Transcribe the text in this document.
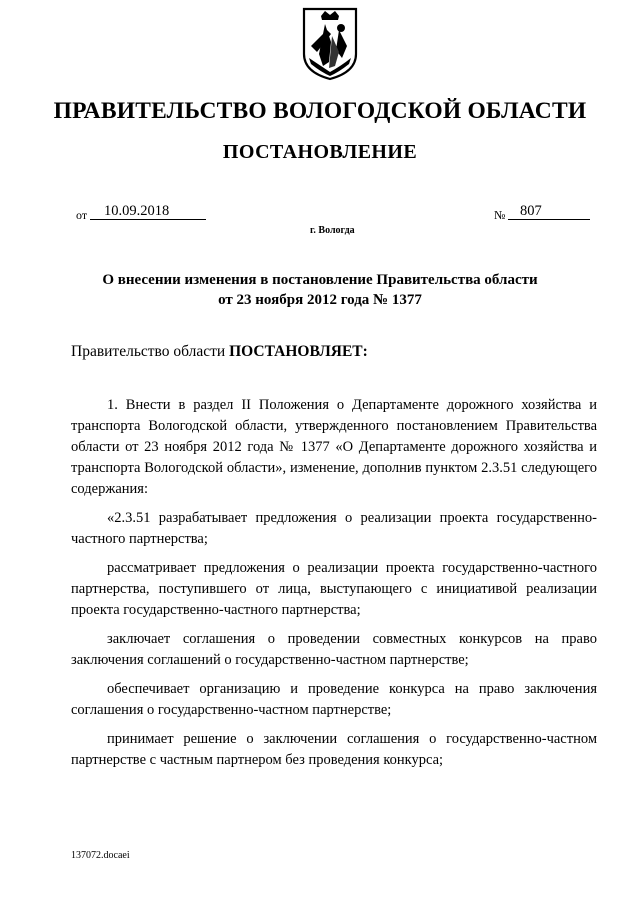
ПРАВИТЕЛЬСТВО ВОЛОГОДСКОЙ ОБЛАСТИ
ПОСТАНОВЛЕНИЕ
от 10.09.2018	№ 807
г. Вологда
О внесении изменения в постановление Правительства области
от 23 ноября 2012 года № 1377
Правительство области ПОСТАНОВЛЯЕТ:

1. Внести в раздел II Положения о Департаменте дорожного хозяйства и транспорта Вологодской области, утвержденного постановлением Правительства области от 23 ноября 2012 года № 1377 «О Департаменте дорожного хозяйства и транспорта Вологодской области», изменение, дополнив пунктом 2.3.51 следующего содержания:

«2.3.51 разрабатывает предложения о реализации проекта государственно-частного партнерства;

рассматривает предложения о реализации проекта государственно-частного партнерства, поступившего от лица, выступающего с инициативой реализации проекта государственно-частного партнерства;

заключает соглашения о проведении совместных конкурсов на право заключения соглашений о государственно-частном партнерстве;

обеспечивает организацию и проведение конкурса на право заключения соглашения о государственно-частном партнерстве;

принимает решение о заключении соглашения о государственно-частном партнерстве с частным партнером без проведения конкурса;

137072.docaei
